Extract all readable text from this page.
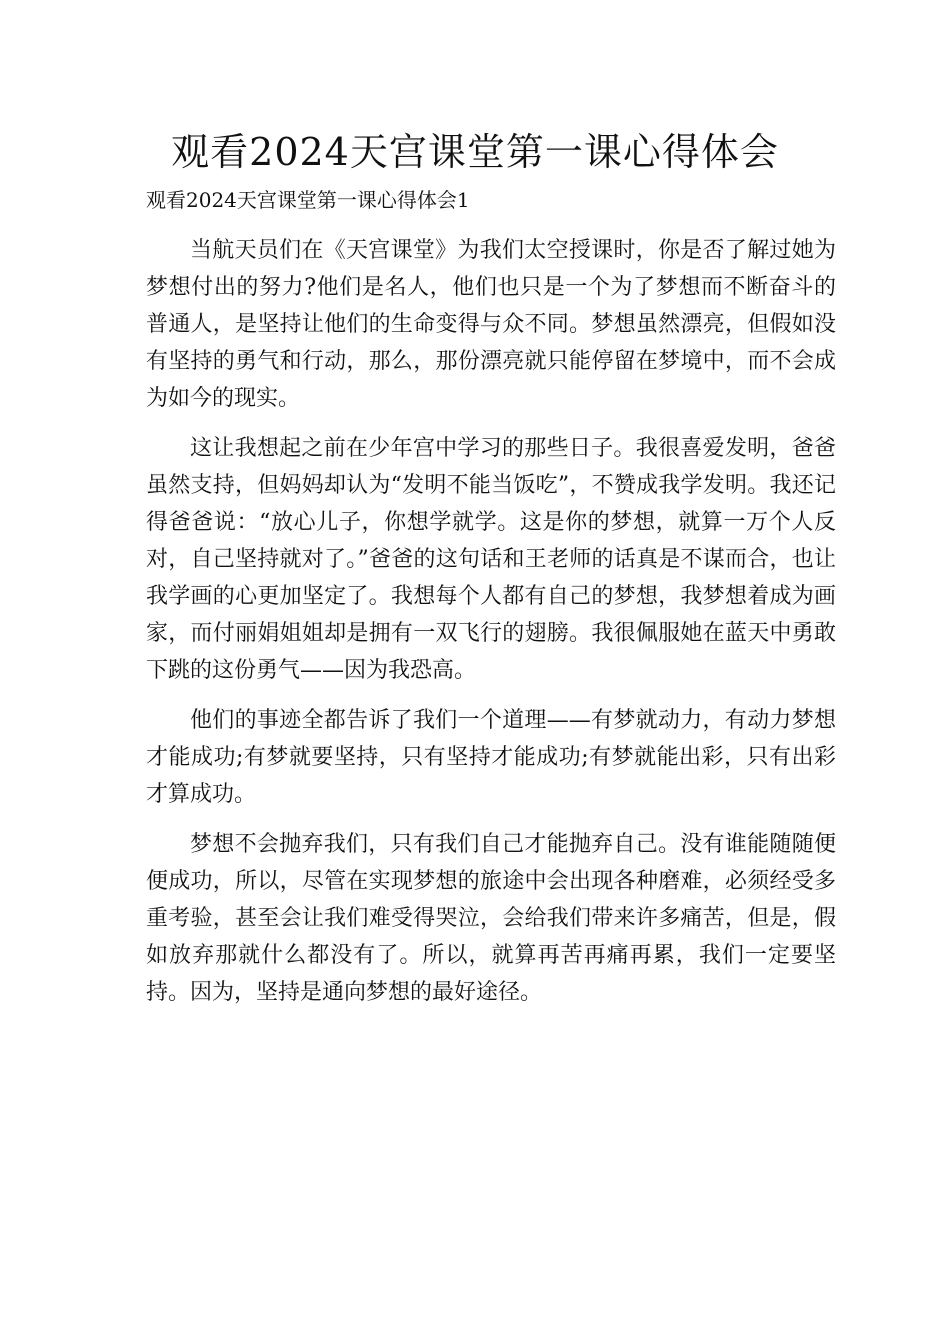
观看2024天宫课堂第一课心得体会

观看2024天宫课堂第一课心得体会1

当航天员们在《天宫课堂》为我们太空授课时，你是否了解过她为梦想付出的努力?他们是名人，他们也只是一个为了梦想而不断奋斗的普通人，是坚持让他们的生命变得与众不同。梦想虽然漂亮，但假如没有坚持的勇气和行动，那么，那份漂亮就只能停留在梦境中，而不会成为如今的现实。

这让我想起之前在少年宫中学习的那些日子。我很喜爱发明，爸爸虽然支持，但妈妈却认为“发明不能当饭吃”，不赞成我学发明。我还记得爸爸说：“放心儿子，你想学就学。这是你的梦想，就算一万个人反对，自己坚持就对了。”爸爸的这句话和王老师的话真是不谋而合，也让我学画的心更加坚定了。我想每个人都有自己的梦想，我梦想着成为画家，而付丽娟姐姐却是拥有一双飞行的翅膀。我很佩服她在蓝天中勇敢下跳的这份勇气——因为我恐高。

他们的事迹全都告诉了我们一个道理——有梦就动力，有动力梦想才能成功;有梦就要坚持，只有坚持才能成功;有梦就能出彩，只有出彩才算成功。

梦想不会抛弃我们，只有我们自己才能抛弃自己。没有谁能随随便便成功，所以，尽管在实现梦想的旅途中会出现各种磨难，必须经受多重考验，甚至会让我们难受得哭泣，会给我们带来许多痛苦，但是，假如放弃那就什么都没有了。所以，就算再苦再痛再累，我们一定要坚持。因为，坚持是通向梦想的最好途径。
